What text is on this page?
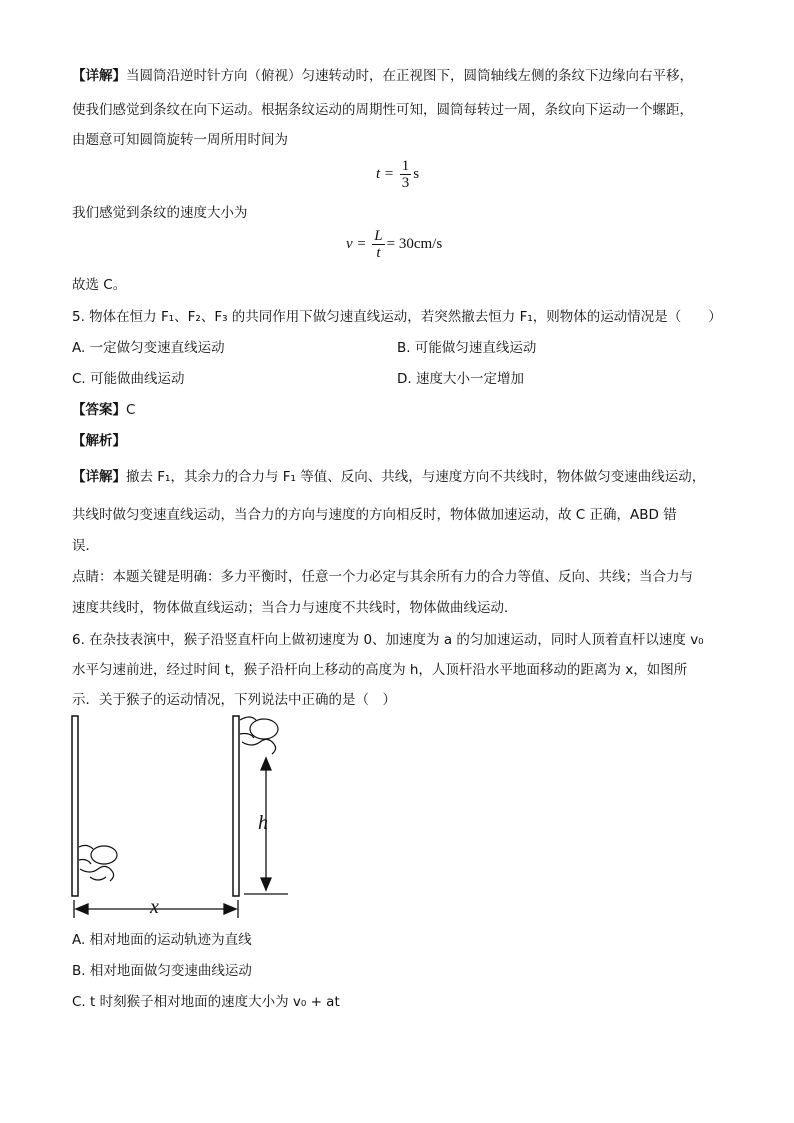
【详解】当圆筒沿逆时针方向（俯视）匀速转动时，在正视图下，圆筒轴线左侧的条纹下边缘向右平移，
使我们感觉到条纹在向下运动。根据条纹运动的周期性可知，圆筒每转过一周，条纹向下运动一个螺距，
由题意可知圆筒旋转一周所用时间为
$t = \frac{1}{3}$ s
我们感觉到条纹的速度大小为
$v = \frac{L}{t} = 30cm/s$
故选 C。
5. 物体在恒力 F₁、F₂、F₃ 的共同作用下做匀速直线运动，若突然撤去恒力 F₁，则物体的运动情况是（　　）
A. 一定做匀变速直线运动	B. 可能做匀速直线运动
C. 可能做曲线运动	D. 速度大小一定增加
【答案】C
【解析】
【详解】撤去 F₁，其余力的合力与 F₁ 等值、反向、共线，与速度方向不共线时，物体做匀变速曲线运动，
共线时做匀变速直线运动，当合力的方向与速度的方向相反时，物体做加速运动，故 C 正确，ABD 错
误．
点睛：本题关键是明确：多力平衡时，任意一个力必定与其余所有力的合力等值、反向、共线；当合力与
速度共线时，物体做直线运动；当合力与速度不共线时，物体做曲线运动．
6. 在杂技表演中，猴子沿竖直杆向上做初速度为 0、加速度为 a 的匀加速运动，同时人顶着直杆以速度 v₀
水平匀速前进，经过时间 t，猴子沿杆向上移动的高度为 h，人顶杆沿水平地面移动的距离为 x，如图所
示．关于猴子的运动情况，下列说法中正确的是（　）
h
x
A. 相对地面的运动轨迹为直线
B. 相对地面做匀变速曲线运动
C. t 时刻猴子相对地面的速度大小为 v₀ + at
